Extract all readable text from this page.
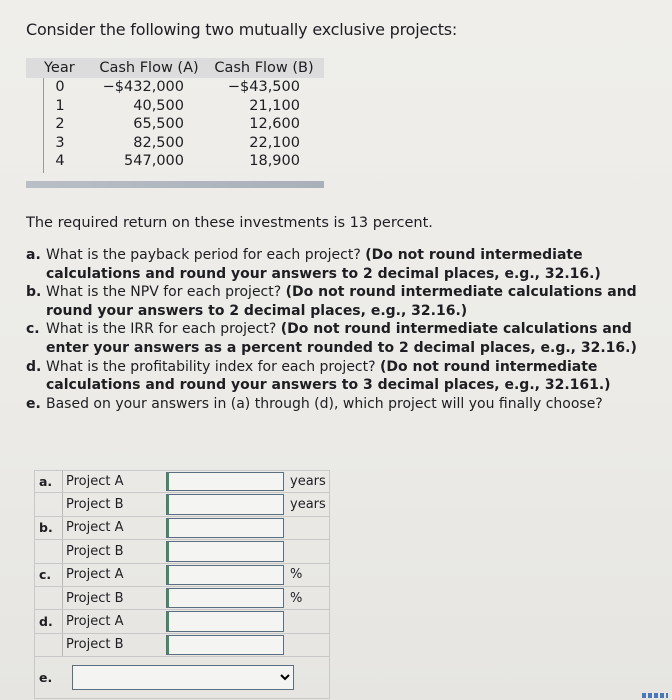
Consider the following two mutually exclusive projects:
Year	Cash Flow (A)	Cash Flow (B)
0	−$432,000	−$43,500
1	40,500	21,100
2	65,500	12,600
3	82,500	22,100
4	547,000	18,900
The required return on these investments is 13 percent.
a. What is the payback period for each project? (Do not round intermediate calculations and round your answers to 2 decimal places, e.g., 32.16.)
b. What is the NPV for each project? (Do not round intermediate calculations and round your answers to 2 decimal places, e.g., 32.16.)
c. What is the IRR for each project? (Do not round intermediate calculations and enter your answers as a percent rounded to 2 decimal places, e.g., 32.16.)
d. What is the profitability index for each project? (Do not round intermediate calculations and round your answers to 3 decimal places, e.g., 32.161.)
e. Based on your answers in (a) through (d), which project will you finally choose?
a.	Project A	years
Project B	years
b.	Project A
Project B
c.	Project A	%
Project B	%
d.	Project A
Project B
e.
